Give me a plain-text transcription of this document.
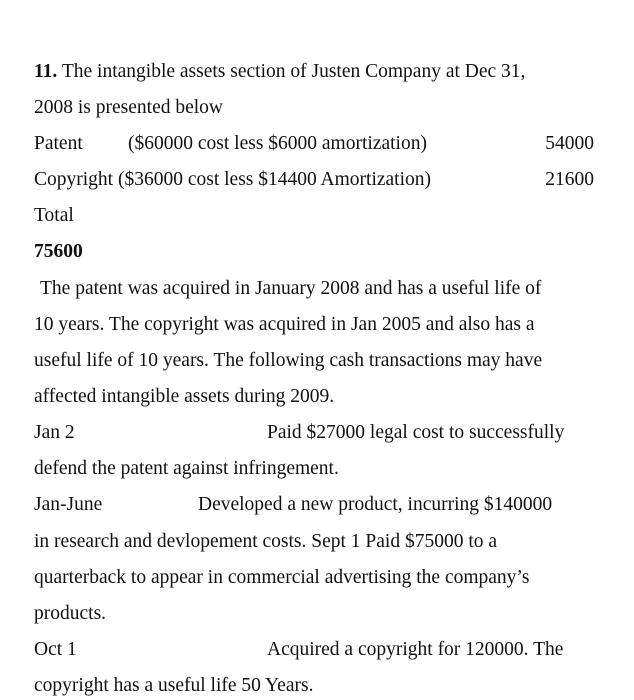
11. The intangible assets section of Justen Company at Dec 31,
2008 is presented below
Patent ($60000 cost less $6000 amortization)	54000
Copyright ($36000 cost less $14400 Amortization)	21600
Total
75600
The patent was acquired in January 2008 and has a useful life of
10 years. The copyright was acquired in Jan 2005 and also has a
useful life of 10 years. The following cash transactions may have
affected intangible assets during 2009.
Jan 2	Paid $27000 legal cost to successfully
defend the patent against infringement.
Jan-June	Developed a new product, incurring $140000
in research and devlopement costs. Sept 1 Paid $75000 to a
quarterback to appear in commercial advertising the company’s
products.
Oct 1	Acquired a copyright for 120000. The
copyright has a useful life 50 Years.
